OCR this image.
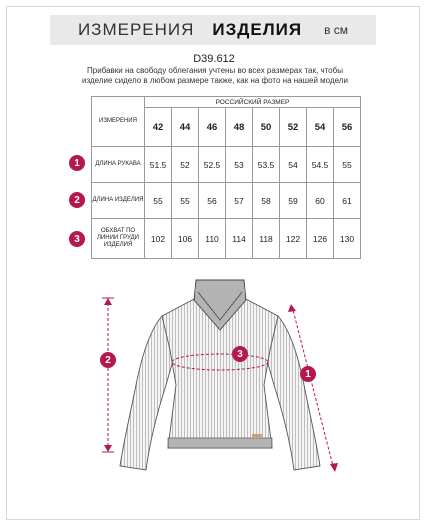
ИЗМЕРЕНИЯ ИЗДЕЛИЯ в см
D39.612
Прибавки на свободу облегания учтены во всех размерах так, чтобы изделие сидело в любом размере также, как на фото на нашей модели
ИЗМЕРЕНИЯ	РОССИЙСКИЙ РАЗМЕР							
	42	44	46	48	50	52	54	56
ДЛИНА РУКАВА	51.5	52	52.5	53	53.5	54	54.5	55
ДЛИНА ИЗДЕЛИЯ	55	55	56	57	58	59	60	61
ОБХВАТ ПО ЛИНИИ ГРУДИ ИЗДЕЛИЯ	102	106	110	114	118	122	126	130
1
2
3
2
3
1
